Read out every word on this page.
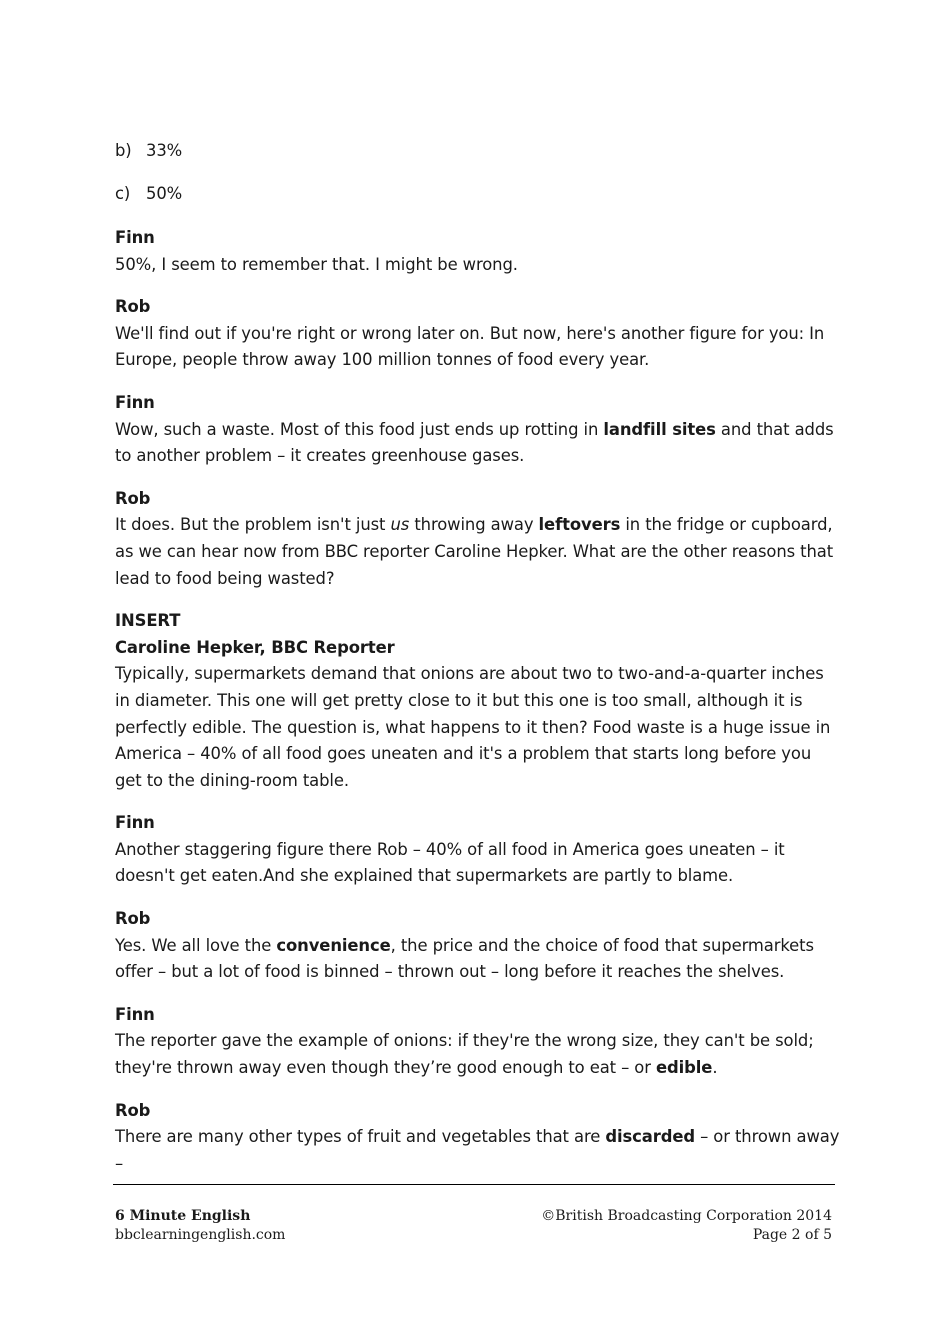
b) 33%

c) 50%

Finn

50%, I seem to remember that. I might be wrong.

Rob

We'll find out if you're right or wrong later on. But now, here's another figure for you: In Europe, people throw away 100 million tonnes of food every year.

Finn

Wow, such a waste. Most of this food just ends up rotting in landfill sites and that adds to another problem – it creates greenhouse gases.

Rob

It does. But the problem isn't just us throwing away leftovers in the fridge or cupboard, as we can hear now from BBC reporter Caroline Hepker. What are the other reasons that lead to food being wasted?

INSERT

Caroline Hepker, BBC Reporter

Typically, supermarkets demand that onions are about two to two-and-a-quarter inches
in diameter. This one will get pretty close to it but this one is too small, although it is perfectly edible. The question is, what happens to it then? Food waste is a huge issue in America – 40% of all food goes uneaten and it's a problem that starts long before you get to the dining-room table.

Finn

Another staggering figure there Rob – 40% of all food in America goes uneaten – it doesn't get eaten.And she explained that supermarkets are partly to blame.

Rob

Yes. We all love the convenience, the price and the choice of food that supermarkets offer – but a lot of food is binned – thrown out – long before it reaches the shelves.

Finn

The reporter gave the example of onions: if they're the wrong size, they can't be sold; they're thrown away even though they’re good enough to eat – or edible.

Rob

There are many other types of fruit and vegetables that are discarded – or thrown away –

6 Minute English
bbclearningenglish.com
©British Broadcasting Corporation 2014
Page 2 of 5
